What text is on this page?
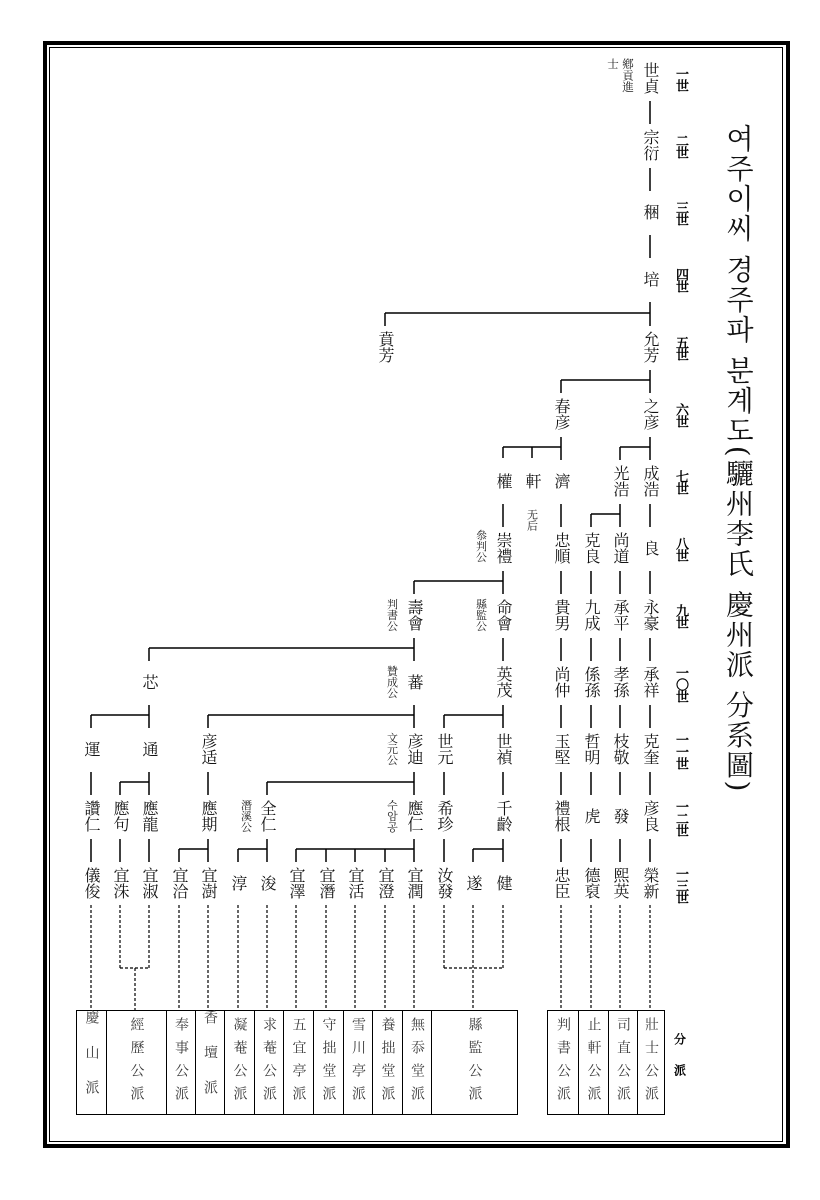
여주이씨 경주파 분계도(驪州李氏 慶州派 分系圖)
一世
二世
三世
四世
五世
六世
七世
八世
九世
一〇世
一一世
一二世
一三世
世貞
宗衍
稇
培
允芳
賁芳
之彦
春彦
成浩
光浩
濟
軒
權
良
尚道
克良
忠順
崇禮
永豪
承平
九成
貴男
命會
壽會
承祥
孝孫
係孫
尚仲
英茂
蕃
芯
克奎
枝敬
哲明
玉堅
世禎
世元
彦迪
彦适
通
運
彦良
發
虎
禮根
千齡
希珍
應仁
全仁
應期
應龍
應句
讚仁
榮新
熙英
德裒
忠臣
健
遂
汝發
宜潤
宜澄
宜活
宜潛
宜澤
浚
淳
宜澍
宜洽
宜淑
宜洙
儀俊
鄕貢進士
无后
叅判公
縣監公
判書公
贊成公
文元公
수암공
潛溪公
慶山派 經歷公派 奉事公派 香壇派 凝菴公派 求菴公派 五宜亭派 守拙堂派 雪川亭派 養拙堂派 無忝堂派	縣監公派	判書公派 止軒公派 司直公派 壯士公派 分派
